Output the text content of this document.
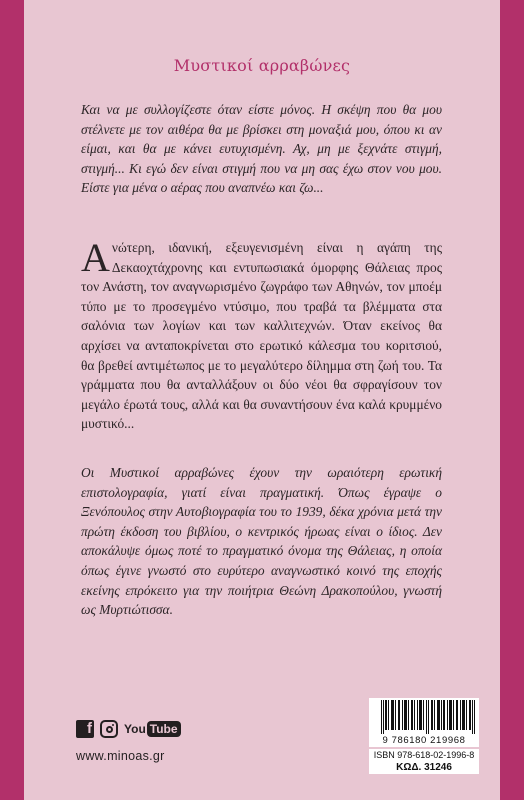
Μυστικοί αρραβώνες
Και να με συλλογίζεστε όταν είστε μόνος. Η σκέψη που θα μου στέλνετε με τον αιθέρα θα με βρίσκει στη μοναξιά μου, όπου κι αν είμαι, και θα με κάνει ευτυχισμένη. Αχ, μη με ξεχνάτε στιγμή, στιγμή... Κι εγώ δεν είναι στιγμή που να μη σας έχω στον νου μου. Είστε για μένα ο αέρας που αναπνέω και ζω...
Ανώτερη, ιδανική, εξευγενισμένη είναι η αγάπη της Δεκαοχτάχρονης και εντυπωσιακά όμορφης Θάλειας προς τον Ανάστη, τον αναγνωρισμένο ζωγράφο των Αθηνών, τον μποέμ τύπο με το προσεγμένο ντύσιμο, που τραβά τα βλέμματα στα σαλόνια των λογίων και των καλλιτεχνών. Όταν εκείνος θα αρχίσει να ανταποκρίνεται στο ερωτικό κάλεσμα του κοριτσιού, θα βρεθεί αντιμέτωπος με το μεγαλύτερο δίλημμα στη ζωή του. Τα γράμματα που θα ανταλλάξουν οι δύο νέοι θα σφραγίσουν τον μεγάλο έρωτά τους, αλλά και θα συναντήσουν ένα καλά κρυμμένο μυστικό...
Οι Μυστικοί αρραβώνες έχουν την ωραιότερη ερωτική επιστολογραφία, γιατί είναι πραγματική. Όπως έγραψε ο Ξενόπουλος στην Αυτοβιογραφία του το 1939, δέκα χρόνια μετά την πρώτη έκδοση του βιβλίου, ο κεντρικός ήρωας είναι ο ίδιος. Δεν αποκάλυψε όμως ποτέ το πραγματικό όνομα της Θάλειας, η οποία όπως έγινε γνωστό στο ευρύτερο αναγνωστικό κοινό της εποχής εκείνης επρόκειτο για την ποιήτρια Θεώνη Δρακοπούλου, γνωστή ως Μυρτιώτισσα.
f	You Tube
www.minoas.gr
9 786180 219968
ISBN 978-618-02-1996-8
ΚΩΔ. 31246
